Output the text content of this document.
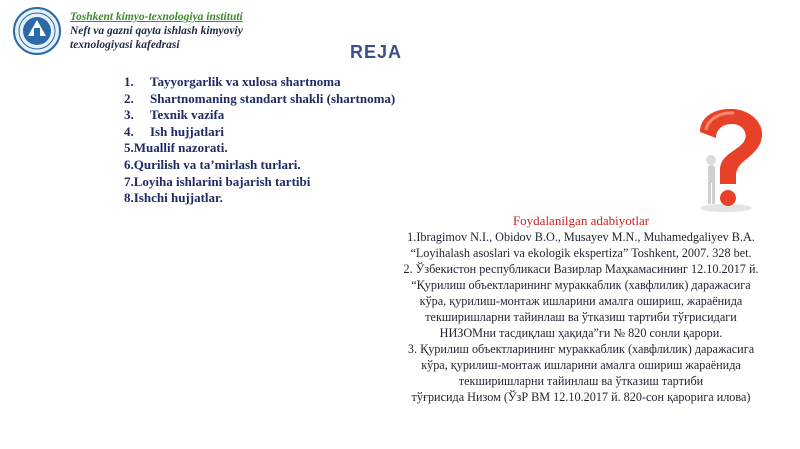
Toshkent kimyo-texnologiya instituti
Neft va gazni qayta ishlash kimyoviy
texnologiyasi kafedrasi	REJA
1. Tayyorgarlik va xulosa shartnoma
2. Shartnomaning standart shakli (shartnoma)
3. Texnik vazifa
4. Ish hujjatlari
5.Muallif nazorati.
6.Qurilish va ta’mirlash turlari.
7.Loyiha ishlarini bajarish tartibi
8.Ishchi hujjatlar.
Foydalanilgan adabiyotlar
1.Ibragimov N.I., Obidov B.O., Musayev M.N., Muhamedgaliyev B.A.
“Loyihalash asoslari va ekologik ekspertiza” Toshkent, 2007. 328 bet.
2. Ўзбекистон республикаси Вазирлар Маҳкамасининг 12.10.2017 й.
“Қурилиш объектларининг мураккаблик (хавфлилик) даражасига
кўра, қурилиш-монтаж ишларини амалга ошириш, жараёнида
текширишларни тайинлаш ва ўтказиш тартиби тўғрисидаги
НИЗОМни тасдиқлаш ҳақида”ги № 820 сонли қарори.
3. Қурилиш объектларининг мураккаблик (хавфлилик) даражасига
кўра, қурилиш-монтаж ишларини амалга ошириш жараёнида
текширишларни тайинлаш ва ўтказиш тартиби
тўғрисида Низом (ЎзР ВМ 12.10.2017 й. 820-сон қарорига илова)
